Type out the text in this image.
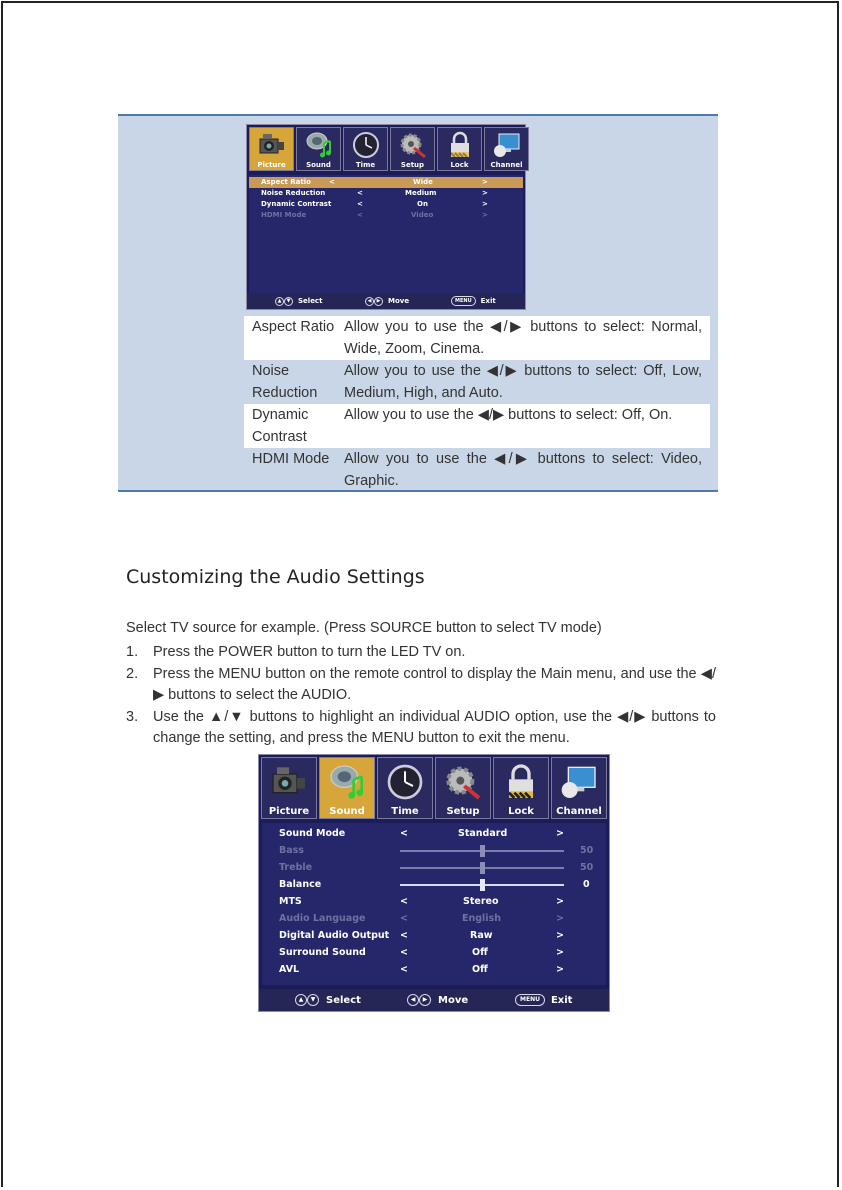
Picture	Sound	Time	Setup	Lock	Channel
Aspect Ratio	<	Wide	>
Noise Reduction	<	Medium	>
Dynamic Contrast	<	On	>
HDMI Mode	<	Video	>
▲	▼	Select	◀	▶	Move	MENU	Exit
Aspect Ratio	Allow you to use the ◀/▶ buttons to select: Normal, Wide, Zoom, Cinema.
Noise Reduction	Allow you to use the ◀/▶ buttons to select: Off, Low, Medium, High, and Auto.
Dynamic Contrast	Allow you to use the ◀/▶ buttons to select: Off, On.
HDMI Mode	Allow you to use the ◀/▶ buttons to select: Video, Graphic.
Customizing the Audio Settings
Select TV source for example. (Press SOURCE button to select TV mode)
1. Press the POWER button to turn the LED TV on.
2. Press the MENU button on the remote control to display the Main menu, and use the ◀/▶ buttons to select the AUDIO.
3. Use the ▲/▼ buttons to highlight an individual AUDIO option, use the ◀/▶ buttons to change the setting, and press the MENU button to exit the menu.
Picture Sound	Time	Setup	Lock Channel
Sound Mode	<	Standard	>
Bass	50
Treble	50
Balance	0
MTS	<	Stereo	>
Audio Language	<	English	>
Digital Audio Output <	Raw	>
Surround Sound	<	Off	>
AVL	<	Off	>
▲	▼	Select	◀	▶	Move	MENU	Exit
